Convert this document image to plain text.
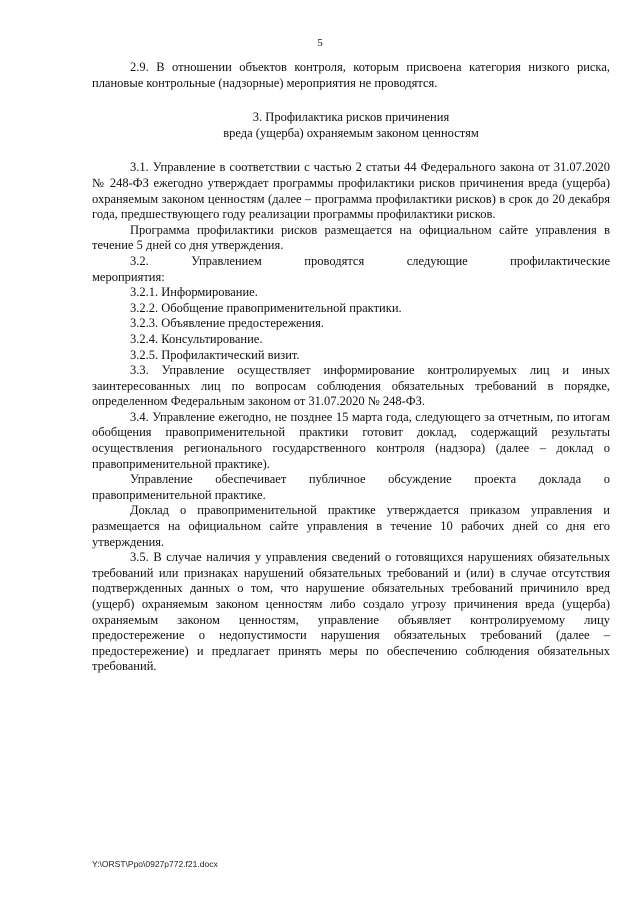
5

2.9. В отношении объектов контроля, которым присвоена категория низкого риска, плановые контрольные (надзорные) мероприятия не проводятся.

3. Профилактика рисков причинения
вреда (ущерба) охраняемым законом ценностям

3.1. Управление в соответствии с частью 2 статьи 44 Федерального закона от 31.07.2020 № 248-ФЗ ежегодно утверждает программы профилактики рисков причинения вреда (ущерба) охраняемым законом ценностям (далее – программа профилактики рисков) в срок до 20 декабря года, предшествующего году реализации программы профилактики рисков.

Программа профилактики рисков размещается на официальном сайте управления в течение 5 дней со дня утверждения.

3.2. Управлением проводятся следующие профилактические

мероприятия:

3.2.1. Информирование.

3.2.2. Обобщение правоприменительной практики.

3.2.3. Объявление предостережения.

3.2.4. Консультирование.

3.2.5. Профилактический визит.

3.3. Управление осуществляет информирование контролируемых лиц и иных заинтересованных лиц по вопросам соблюдения обязательных требований в порядке, определенном Федеральным законом от 31.07.2020 № 248-ФЗ.

3.4. Управление ежегодно, не позднее 15 марта года, следующего за отчетным, по итогам обобщения правоприменительной практики готовит доклад, содержащий результаты осуществления регионального государственного контроля (надзора) (далее – доклад о правоприменительной практике).

Управление обеспечивает публичное обсуждение проекта доклада о правоприменительной практике.

Доклад о правоприменительной практике утверждается приказом управления и размещается на официальном сайте управления в течение 10 рабочих дней со дня его утверждения.

3.5. В случае наличия у управления сведений о готовящихся нарушениях обязательных требований или признаках нарушений обязательных требований и (или) в случае отсутствия подтвержденных данных о том, что нарушение обязательных требований причинило вред (ущерб) охраняемым законом ценностям либо создало угрозу причинения вреда (ущерба) охраняемым законом ценностям, управление объявляет контролируемому лицу предостережение о недопустимости нарушения обязательных требований (далее – предостережение) и предлагает принять меры по обеспечению соблюдения обязательных требований.

Y:\ORST\Ppo\0927p772.f21.docx
